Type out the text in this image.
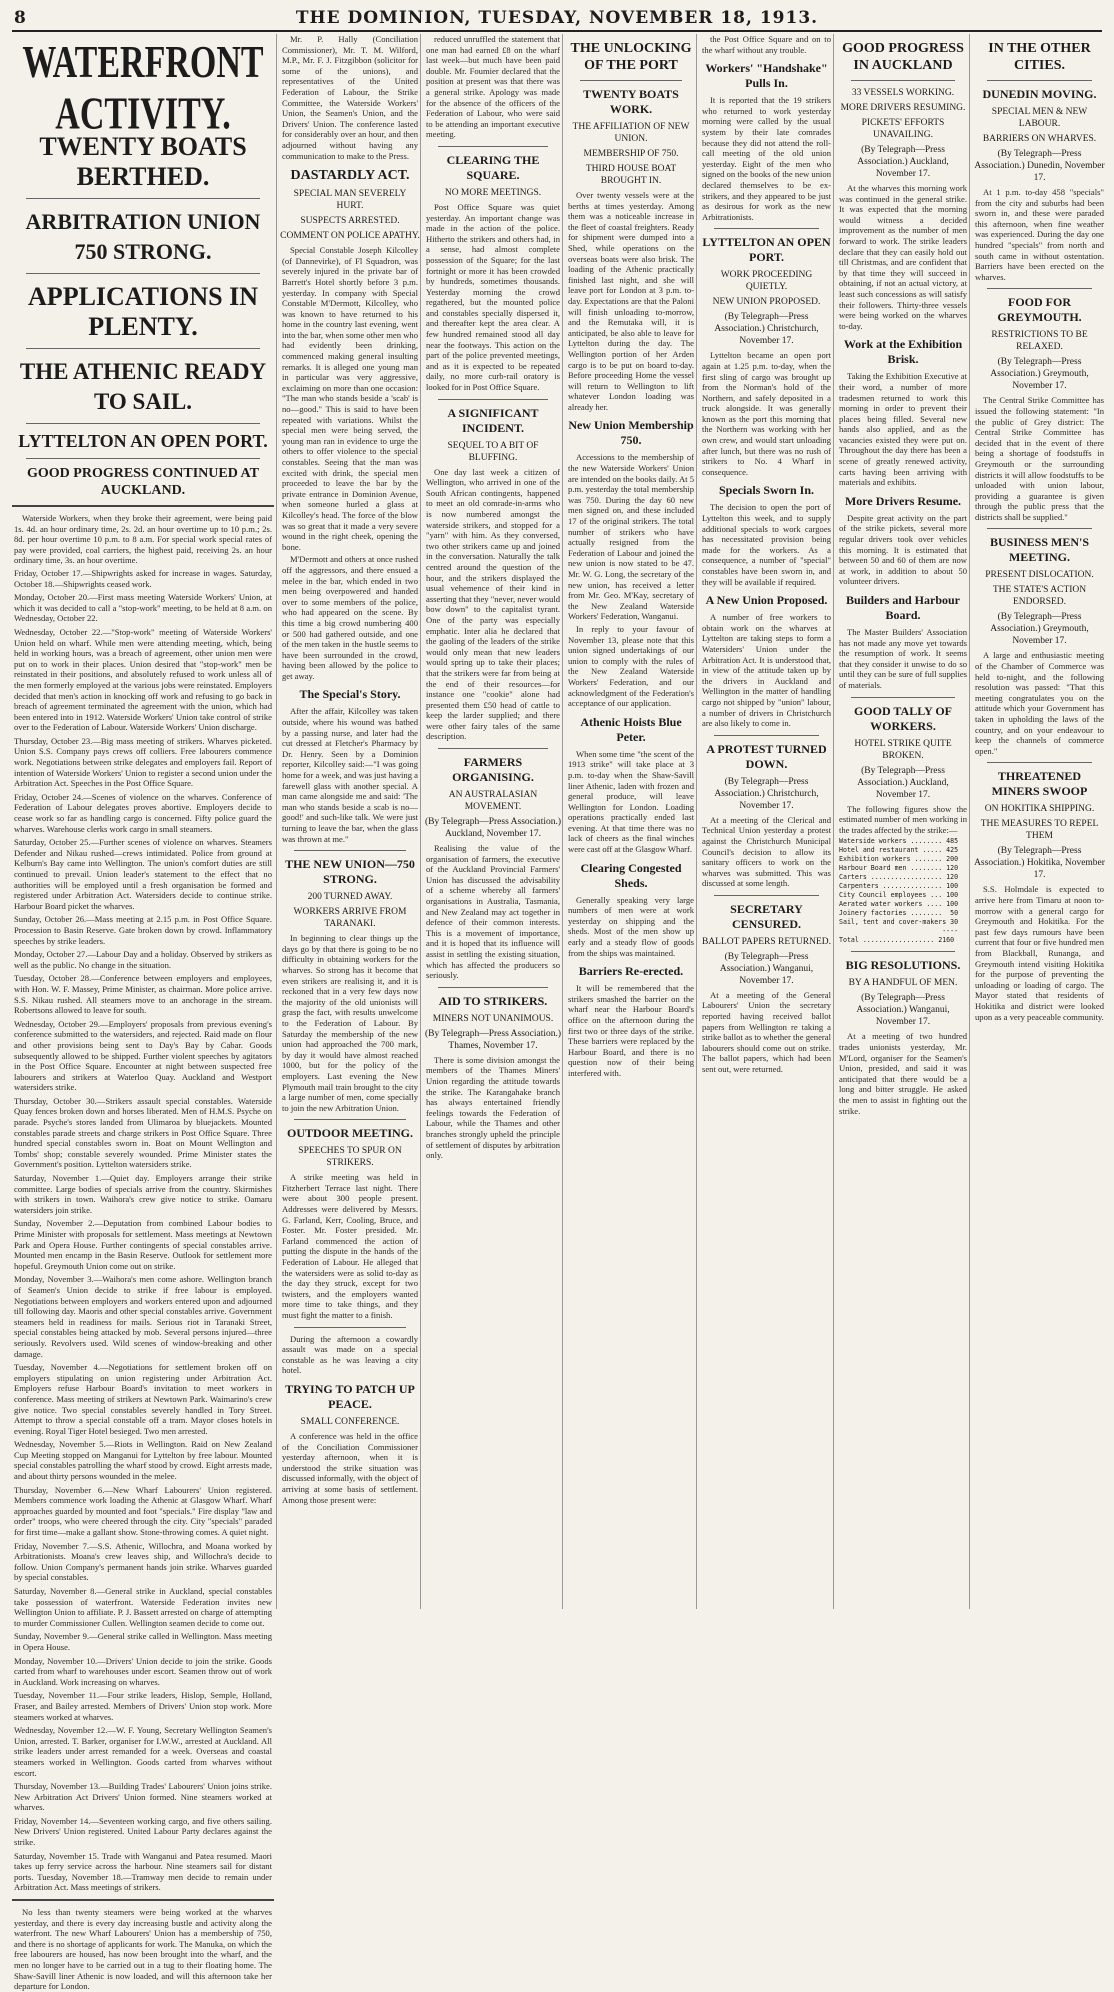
8	THE DOMINION, TUESDAY, NOVEMBER 18, 1913.
WATERFRONT ACTIVITY.
TWENTY BOATS BERTHED.
ARBITRATION UNION 750 STRONG.
APPLICATIONS IN PLENTY.
THE ATHENIC READY TO SAIL.
LYTTELTON AN OPEN PORT.
GOOD PROGRESS CONTINUED AT AUCKLAND.

Waterside Workers, when they broke their agreement, were being paid 1s. 4d. an hour ordinary time, 2s. 2d. an hour overtime up to 10 p.m.; 2s. 8d. per hour overtime 10 p.m. to 8 a.m. For special work special rates of pay were provided, coal carriers, the highest paid, receiving 2s. an hour ordinary time, 3s. an hour overtime.

Friday, October 17.—Shipwrights asked for increase in wages. Saturday, October 18.—Shipwrights ceased work.

Monday, October 20.—First mass meeting Waterside Workers' Union, at which it was decided to call a "stop-work" meeting, to be held at 8 a.m. on Wednesday, October 22.

Wednesday, October 22.—"Stop-work" meeting of Waterside Workers' Union held on wharf. While men were attending meeting, which, being held in working hours, was a breach of agreement, other union men were put on to work in their places. Union desired that "stop-work" men be reinstated in their positions, and absolutely refused to work unless all of the men formerly employed at the various jobs were reinstated. Employers decided that men's action in knocking off work and refusing to go back in breach of agreement terminated the agreement with the union, which had been entered into in 1912. Waterside Workers' Union take control of strike over to the Federation of Labour. Waterside Workers' Union discharge.

Thursday, October 23.—Big mass meeting of strikers. Wharves picketed. Union S.S. Company pays crews off colliers. Free labourers commence work. Negotiations between strike delegates and employers fail. Report of intention of Waterside Workers' Union to register a second union under the Arbitration Act. Speeches in the Post Office Square.

Friday, October 24.—Scenes of violence on the wharves. Conference of Federation of Labour delegates proves abortive. Employers decide to cease work so far as handling cargo is concerned. Fifty police guard the wharves. Warehouse clerks work cargo in small steamers.

Saturday, October 25.—Further scenes of violence on wharves. Steamers Defender and Nikau rushed—crews intimidated. Police from ground at Kelburn's Bay came into Wellington. The union's comfort duties are still continued to prevail. Union leader's statement to the effect that no authorities will be employed until a fresh organisation be formed and registered under Arbitration Act. Watersiders decide to continue strike. Harbour Board picket the wharves.

Sunday, October 26.—Mass meeting at 2.15 p.m. in Post Office Square. Procession to Basin Reserve. Gate broken down by crowd. Inflammatory speeches by strike leaders.

Monday, October 27.—Labour Day and a holiday. Observed by strikers as well as the public. No change in the situation.

Tuesday, October 28.—Conference between employers and employees, with Hon. W. F. Massey, Prime Minister, as chairman. More police arrive. S.S. Nikau rushed. All steamers move to an anchorage in the stream. Robertsons allowed to leave for south.

Wednesday, October 29.—Employers' proposals from previous evening's conference submitted to the watersiders, and rejected. Raid made on flour and other provisions being sent to Day's Bay by Cabar. Goods subsequently allowed to be shipped. Further violent speeches by agitators in the Post Office Square. Encounter at night between suspected free labourers and strikers at Waterloo Quay. Auckland and Westport watersiders strike.

Thursday, October 30.—Strikers assault special constables. Waterside Quay fences broken down and horses liberated. Men of H.M.S. Psyche on parade. Psyche's stores landed from Ulimaroa by bluejackets. Mounted constables parade streets and charge strikers in Post Office Square. Three hundred special constables sworn in. Boat on Mount Wellington and Tombs' shop; constable severely wounded. Prime Minister states the Government's position. Lyttelton watersiders strike.

Saturday, November 1.—Quiet day. Employers arrange their strike committee. Large bodies of specials arrive from the country. Skirmishes with strikers in town. Waihora's crew give notice to strike. Oamaru watersiders join strike.

Sunday, November 2.—Deputation from combined Labour bodies to Prime Minister with proposals for settlement. Mass meetings at Newtown Park and Opera House. Further contingents of special constables arrive. Mounted men encamp in the Basin Reserve. Outlook for settlement more hopeful. Greymouth Union come out on strike.

Monday, November 3.—Waihora's men come ashore. Wellington branch of Seamen's Union decide to strike if free labour is employed. Negotiations between employers and workers entered upon and adjourned till following day. Maoris and other special constables arrive. Government steamers held in readiness for mails. Serious riot in Taranaki Street, special constables being attacked by mob. Several persons injured—three seriously. Revolvers used. Wild scenes of window-breaking and other damage.

Tuesday, November 4.—Negotiations for settlement broken off on employers stipulating on union registering under Arbitration Act. Employers refuse Harbour Board's invitation to meet workers in conference. Mass meeting of strikers at Newtown Park. Waimarino's crew give notice. Two special constables severely handled in Tory Street. Attempt to throw a special constable off a tram. Mayor closes hotels in evening. Royal Tiger Hotel besieged. Two men arrested.

Wednesday, November 5.—Riots in Wellington. Raid on New Zealand Cup Meeting stopped on Manganui for Lyttelton by free labour. Mounted special constables patrolling the wharf stood by crowd. Eight arrests made, and about thirty persons wounded in the melee.

Thursday, November 6.—New Wharf Labourers' Union registered. Members commence work loading the Athenic at Glasgow Wharf. Wharf approaches guarded by mounted and foot "specials." Fire display "law and order" troops, who were cheered through the city. City "specials" paraded for first time—make a gallant show. Stone-throwing comes. A quiet night.

Friday, November 7.—S.S. Athenic, Willochra, and Moana worked by Arbitrationists. Moana's crew leaves ship, and Willochra's decide to follow. Union Company's permanent hands join strike. Wharves guarded by special constables.

Saturday, November 8.—General strike in Auckland, special constables take possession of waterfront. Waterside Federation invites new Wellington Union to affiliate. P. J. Bassett arrested on charge of attempting to murder Commissioner Cullen. Wellington seamen decide to come out.

Sunday, November 9.—General strike called in Wellington. Mass meeting in Opera House.

Monday, November 10.—Drivers' Union decide to join the strike. Goods carted from wharf to warehouses under escort. Seamen throw out of work in Auckland. Work increasing on wharves.

Tuesday, November 11.—Four strike leaders, Hislop, Semple, Holland, Fraser, and Bailey arrested. Members of Drivers' Union stop work. More steamers worked at wharves.

Wednesday, November 12.—W. F. Young, Secretary Wellington Seamen's Union, arrested. T. Barker, organiser for I.W.W., arrested at Auckland. All strike leaders under arrest remanded for a week. Overseas and coastal steamers worked in Wellington. Goods carted from wharves without escort.

Thursday, November 13.—Building Trades' Labourers' Union joins strike. New Arbitration Act Drivers' Union formed. Nine steamers worked at wharves.

Friday, November 14.—Seventeen working cargo, and five others sailing. New Drivers' Union registered. United Labour Party declares against the strike.

Saturday, November 15. Trade with Wanganui and Patea resumed. Maori takes up ferry service across the harbour. Nine steamers sail for distant ports. Tuesday, November 18.—Tramway men decide to remain under Arbitration Act. Mass meetings of strikers.

No less than twenty steamers were being worked at the wharves yesterday, and there is every day increasing bustle and activity along the waterfront. The new Wharf Labourers' Union has a membership of 750, and there is no shortage of applicants for work. The Manuka, on which the free labourers are housed, has now been brought into the wharf, and the men no longer have to be carried out in a tug to their floating home. The Shaw-Savill liner Athenic is now loaded, and will this afternoon take her departure for London.

Mr. P. Hally (Conciliation Commissioner), Mr. T. M. Wilford, M.P., Mr. F. J. Fitzgibbon (solicitor for some of the unions), and representatives of the United Federation of Labour, the Strike Committee, the Waterside Workers' Union, the Seamen's Union, and the Drivers' Union. The conference lasted for considerably over an hour, and then adjourned without having any communication to make to the Press.

DASTARDLY ACT.
SPECIAL MAN SEVERELY HURT.
SUSPECTS ARRESTED.
COMMENT ON POLICE APATHY.

Special Constable Joseph Kilcolley (of Dannevirke), of Fl Squadron, was severely injured in the private bar of Barrett's Hotel shortly before 3 p.m. yesterday. In company with Special Constable M'Dermott, Kilcolley, who was known to have returned to his home in the country last evening, went into the bar, when some other men who had evidently been drinking, commenced making general insulting remarks. It is alleged one young man in particular was very aggressive, exclaiming on more than one occasion: "The man who stands beside a 'scab' is no—good." This is said to have been repeated with variations. Whilst the special men were being served, the young man ran in evidence to urge the others to offer violence to the special constables. Seeing that the man was excited with drink, the special men proceeded to leave the bar by the private entrance in Dominion Avenue, when someone hurled a glass at Kilcolley's head. The force of the blow was so great that it made a very severe wound in the right cheek, opening the bone.

M'Dermott and others at once rushed off the aggressors, and there ensued a melee in the bar, which ended in two men being overpowered and handed over to some members of the police, who had appeared on the scene. By this time a big crowd numbering 400 or 500 had gathered outside, and one of the men taken in the hustle seems to have been surrounded in the crowd, having been allowed by the police to get away.

The Special's Story.

After the affair, Kilcolley was taken outside, where his wound was bathed by a passing nurse, and later had the cut dressed at Fletcher's Pharmacy by Dr. Henry. Seen by a Dominion reporter, Kilcolley said:—"I was going home for a week, and was just having a farewell glass with another special. A man came alongside me and said: 'The man who stands beside a scab is no—good!' and such-like talk. We were just turning to leave the bar, when the glass was thrown at me."

THE NEW UNION—750 STRONG.
200 TURNED AWAY.
WORKERS ARRIVE FROM TARANAKI.

In beginning to clear things up the days go by that there is going to be no difficulty in obtaining workers for the wharves. So strong has it become that even strikers are realising it, and it is reckoned that in a very few days now the majority of the old unionists will grasp the fact, with results unwelcome to the Federation of Labour. By Saturday the membership of the new union had approached the 700 mark, by day it would have almost reached 1000, but for the policy of the employers. Last evening the New Plymouth mail train brought to the city a large number of men, come specially to join the new Arbitration Union.

OUTDOOR MEETING.
SPEECHES TO SPUR ON STRIKERS.

A strike meeting was held in Fitzherbert Terrace last night. There were about 300 people present. Addresses were delivered by Messrs. G. Farland, Kerr, Cooling, Bruce, and Foster. Mr. Foster presided. Mr. Farland commenced the action of putting the dispute in the hands of the Federation of Labour. He alleged that the watersiders were as solid to-day as the day they struck, except for two twisters, and the employers wanted more time to take things, and they must fight the matter to a finish.

During the afternoon a cowardly assault was made on a special constable as he was leaving a city hotel.

TRYING TO PATCH UP PEACE.
SMALL CONFERENCE.

A conference was held in the office of the Conciliation Commissioner yesterday afternoon, when it is understood the strike situation was discussed informally, with the object of arriving at some basis of settlement. Among those present were:

reduced unruffled the statement that one man had earned £8 on the wharf last week—but much have been paid double. Mr. Foumier declared that the position at present was that there was a general strike. Apology was made for the absence of the officers of the Federation of Labour, who were said to be attending an important executive meeting.

CLEARING THE SQUARE.
NO MORE MEETINGS.

Post Office Square was quiet yesterday. An important change was made in the action of the police. Hitherto the strikers and others had, in a sense, had almost complete possession of the Square; for the last fortnight or more it has been crowded by hundreds, sometimes thousands. Yesterday morning the crowd regathered, but the mounted police and constables specially dispersed it, and thereafter kept the area clear. A few hundred remained stood all day near the footways. This action on the part of the police prevented meetings, and as it is expected to be repeated daily, no more curb-rail oratory is looked for in Post Office Square.

A SIGNIFICANT INCIDENT.
SEQUEL TO A BIT OF BLUFFING.

One day last week a citizen of Wellington, who arrived in one of the South African contingents, happened to meet an old comrade-in-arms who is now numbered amongst the waterside strikers, and stopped for a "yarn" with him. As they conversed, two other strikers came up and joined in the conversation. Naturally the talk centred around the question of the hour, and the strikers displayed the usual vehemence of their kind in asserting that they "never, never would bow down" to the capitalist tyrant. One of the party was especially emphatic. Inter alia he declared that the gaoling of the leaders of the strike would only mean that new leaders would spring up to take their places; that the strikers were far from being at the end of their resources—for instance one "cookie" alone had presented them £50 head of cattle to keep the larder supplied; and there were other fairy tales of the same description.

FARMERS ORGANISING.
AN AUSTRALASIAN MOVEMENT.
(By Telegraph—Press Association.) Auckland, November 17.

Realising the value of the organisation of farmers, the executive of the Auckland Provincial Farmers' Union has discussed the advisability of a scheme whereby all farmers' organisations in Australia, Tasmania, and New Zealand may act together in defence of their common interests. This is a movement of importance, and it is hoped that its influence will assist in settling the existing situation, which has affected the producers so seriously.

AID TO STRIKERS.
MINERS NOT UNANIMOUS.
(By Telegraph—Press Association.) Thames, November 17.

There is some division amongst the members of the Thames Miners' Union regarding the attitude towards the strike. The Karangahake branch has always entertained friendly feelings towards the Federation of Labour, while the Thames and other branches strongly upheld the principle of settlement of disputes by arbitration only.

THE UNLOCKING OF THE PORT
TWENTY BOATS WORK.
THE AFFILIATION OF NEW UNION.
MEMBERSHIP OF 750.
THIRD HOUSE BOAT BROUGHT IN.

Over twenty vessels were at the berths at times yesterday. Among them was a noticeable increase in the fleet of coastal freighters. Ready for shipment were dumped into a Shed, while operations on the overseas boats were also brisk. The loading of the Athenic practically finished last night, and she will leave port for London at 3 p.m. to-day. Expectations are that the Paloni will finish unloading to-morrow, and the Remutaka will, it is anticipated, be also able to leave for Lyttelton during the day. The Wellington portion of her Arden cargo is to be put on board to-day. Before proceeding Home the vessel will return to Wellington to lift whatever London loading was already her.

New Union Membership 750.

Accessions to the membership of the new Waterside Workers' Union are intended on the books daily. At 5 p.m. yesterday the total membership was 750. During the day 60 new men signed on, and these included 17 of the original strikers. The total number of strikers who have actually resigned from the Federation of Labour and joined the new union is now stated to be 47. Mr. W. G. Long, the secretary of the new union, has received a letter from Mr. Geo. M'Kay, secretary of the New Zealand Waterside Workers' Federation, Wanganui.

In reply to your favour of November 13, please note that this union signed undertakings of our union to comply with the rules of the New Zealand Waterside Workers' Federation, and our acknowledgment of the Federation's acceptance of our application.

Athenic Hoists Blue Peter.

When some time "the scent of the 1913 strike" will take place at 3 p.m. to-day when the Shaw-Savill liner Athenic, laden with frozen and general produce, will leave Wellington for London. Loading operations practically ended last evening. At that time there was no lack of cheers as the final winches were cast off at the Glasgow Wharf.

Clearing Congested Sheds.

Generally speaking very large numbers of men were at work yesterday on shipping and the sheds. Most of the men show up early and a steady flow of goods from the ships was maintained.

Barriers Re-erected.

It will be remembered that the strikers smashed the barrier on the wharf near the Harbour Board's office on the afternoon during the first two or three days of the strike. These barriers were replaced by the Harbour Board, and there is no question now of their being interfered with.

the Post Office Square and on to the wharf without any trouble.

Workers' "Handshake" Pulls In.

It is reported that the 19 strikers who returned to work yesterday morning were called by the usual system by their late comrades because they did not attend the roll-call meeting of the old union yesterday. Eight of the men who signed on the books of the new union declared themselves to be ex-strikers, and they appeared to be just as desirous for work as the new Arbitrationists.

LYTTELTON AN OPEN PORT.
WORK PROCEEDING QUIETLY.
NEW UNION PROPOSED.
(By Telegraph—Press Association.) Christchurch, November 17.

Lyttelton became an open port again at 1.25 p.m. to-day, when the first sling of cargo was brought up from the Norman's hold of the Northern, and safely deposited in a truck alongside. It was generally known as the port this morning that the Northern was working with her own crew, and would start unloading after lunch, but there was no rush of strikers to No. 4 Wharf in consequence.

Specials Sworn In.

The decision to open the port of Lyttelton this week, and to supply additional specials to work cargoes has necessitated provision being made for the workers. As a consequence, a number of "special" constables have been sworn in, and they will be available if required.

A New Union Proposed.

A number of free workers to obtain work on the wharves at Lyttelton are taking steps to form a Watersiders' Union under the Arbitration Act. It is understood that, in view of the attitude taken up by the drivers in Auckland and Wellington in the matter of handling cargo not shipped by "union" labour, a number of drivers in Christchurch are also likely to come in.

A PROTEST TURNED DOWN.
(By Telegraph—Press Association.) Christchurch, November 17.

At a meeting of the Clerical and Technical Union yesterday a protest against the Christchurch Municipal Council's decision to allow its sanitary officers to work on the wharves was submitted. This was discussed at some length.

SECRETARY CENSURED.
BALLOT PAPERS RETURNED.
(By Telegraph—Press Association.) Wanganui, November 17.

At a meeting of the General Labourers' Union the secretary reported having received ballot papers from Wellington re taking a strike ballot as to whether the general labourers should come out on strike. The ballot papers, which had been sent out, were returned.

GOOD PROGRESS IN AUCKLAND
33 VESSELS WORKING.
MORE DRIVERS RESUMING.
PICKETS' EFFORTS UNAVAILING.
(By Telegraph—Press Association.) Auckland, November 17.

At the wharves this morning work was continued in the general strike. It was expected that the morning would witness a decided improvement as the number of men forward to work. The strike leaders declare that they can easily hold out till Christmas, and are confident that by that time they will succeed in obtaining, if not an actual victory, at least such concessions as will satisfy their followers. Thirty-three vessels were being worked on the wharves to-day.

Work at the Exhibition Brisk.

Taking the Exhibition Executive at their word, a number of more tradesmen returned to work this morning in order to prevent their places being filled. Several new hands also applied, and as the vacancies existed they were put on. Throughout the day there has been a scene of greatly renewed activity, carts having been arriving with materials and exhibits.

More Drivers Resume.

Despite great activity on the part of the strike pickets, several more regular drivers took over vehicles this morning. It is estimated that between 50 and 60 of them are now at work, in addition to about 50 volunteer drivers.

Builders and Harbour Board.

The Master Builders' Association has not made any move yet towards the resumption of work. It seems that they consider it unwise to do so until they can be sure of full supplies of materials.

GOOD TALLY OF WORKERS.
HOTEL STRIKE QUITE BROKEN.
(By Telegraph—Press Association.) Auckland, November 17.

The following figures show the estimated number of men working in the trades affected by the strike:—

Waterside workers ........ 485
Hotel and restaurant ..... 425
Exhibition workers ....... 200
Harbour Board men ........ 120
Carters .................. 120
Carpenters ............... 100
City Council employees ... 100
Aerated water workers .... 100
Joinery factories ........  50
Sail, tent and cover-makers 30
----
Total .................. 2160
BIG RESOLUTIONS.
BY A HANDFUL OF MEN.
(By Telegraph—Press Association.) Wanganui, November 17.

At a meeting of two hundred trades unionists yesterday, Mr. M'Lord, organiser for the Seamen's Union, presided, and said it was anticipated that there would be a long and bitter struggle. He asked the men to assist in fighting out the strike.

IN THE OTHER CITIES.
DUNEDIN MOVING.
SPECIAL MEN & NEW LABOUR.
BARRIERS ON WHARVES.
(By Telegraph—Press Association.) Dunedin, November 17.

At 1 p.m. to-day 458 "specials" from the city and suburbs had been sworn in, and these were paraded this afternoon, when fine weather was experienced. During the day one hundred "specials" from north and south came in without ostentation. Barriers have been erected on the wharves.

FOOD FOR GREYMOUTH.
RESTRICTIONS TO BE RELAXED.
(By Telegraph—Press Association.) Greymouth, November 17.

The Central Strike Committee has issued the following statement: "In the public of Grey district: The Central Strike Committee has decided that in the event of there being a shortage of foodstuffs in Greymouth or the surrounding districts it will allow foodstuffs to be unloaded with union labour, providing a guarantee is given through the public press that the districts shall be supplied."

BUSINESS MEN'S MEETING.
PRESENT DISLOCATION.
THE STATE'S ACTION ENDORSED.
(By Telegraph—Press Association.) Greymouth, November 17.

A large and enthusiastic meeting of the Chamber of Commerce was held to-night, and the following resolution was passed: "That this meeting congratulates you on the attitude which your Government has taken in upholding the laws of the country, and on your endeavour to keep the channels of commerce open."

THREATENED MINERS SWOOP
ON HOKITIKA SHIPPING.
THE MEASURES TO REPEL THEM
(By Telegraph—Press Association.) Hokitika, November 17.

S.S. Holmdale is expected to arrive here from Timaru at noon to-morrow with a general cargo for Greymouth and Hokitika. For the past few days rumours have been current that four or five hundred men from Blackball, Runanga, and Greymouth intend visiting Hokitika for the purpose of preventing the unloading or loading of cargo. The Mayor stated that residents of Hokitika and district were looked upon as a very peaceable community.
